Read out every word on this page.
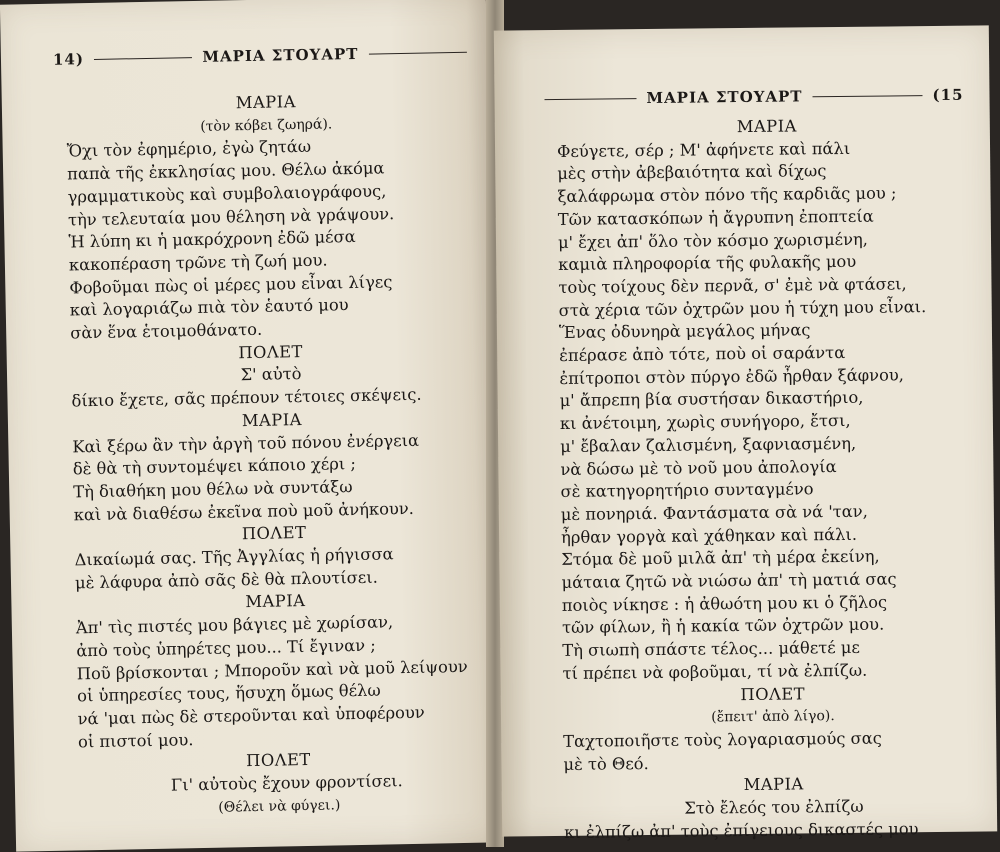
14)	ΜΑΡΙΑ ΣΤΟΥΑΡΤ
ΜΑΡΙΑ
(τὸν κόβει ζωηρά).
Ὄχι τὸν ἐφημέριο, ἐγὼ ζητάω
παπὰ τῆς ἐκκλησίας μου. Θέλω ἀκόμα
γραμματικοὺς καὶ συμβολαιογράφους,
τὴν τελευταία μου θέληση νὰ γράψουν.
Ἡ λύπη κι ἡ μακρόχρονη ἐδῶ μέσα
κακοπέραση τρῶνε τὴ ζωή μου.
Φοβοῦμαι πὼς οἱ μέρες μου εἶναι λίγες
καὶ λογαριάζω πιὰ τὸν ἑαυτό μου
σὰν ἕνα ἑτοιμοθάνατο.
ΠΟΛΕΤ
Σ' αὐτὸ
δίκιο ἔχετε, σᾶς πρέπουν τέτοιες σκέψεις.
ΜΑΡΙΑ
Καὶ ξέρω ἂν τὴν ἀργὴ τοῦ πόνου ἐνέργεια
δὲ θὰ τὴ συντομέψει κάποιο χέρι ;
Τὴ διαθήκη μου θέλω νὰ συντάξω
καὶ νὰ διαθέσω ἐκεῖνα ποὺ μοῦ ἀνήκουν.
ΠΟΛΕΤ
Δικαίωμά σας. Τῆς Ἀγγλίας ἡ ρήγισσα
μὲ λάφυρα ἀπὸ σᾶς δὲ θὰ πλουτίσει.
ΜΑΡΙΑ
Ἀπ' τὶς πιστές μου βάγιες μὲ χωρίσαν,
ἀπὸ τοὺς ὑπηρέτες μου... Τί ἔγιναν ;
Ποῦ βρίσκονται ; Μποροῦν καὶ νὰ μοῦ λείψουν
οἱ ὑπηρεσίες τους, ἥσυχη ὅμως θέλω
νά 'μαι πὼς δὲ στεροῦνται καὶ ὑποφέρουν
οἱ πιστοί μου.
ΠΟΛΕΤ
Γι' αὐτοὺς ἔχουν φροντίσει.
(Θέλει νὰ φύγει.)
ΜΑΡΙΑ ΣΤΟΥΑΡΤ	(15
ΜΑΡΙΑ
Φεύγετε, σέρ ; Μ' ἀφήνετε καὶ πάλι
μὲς στὴν ἀβεβαιότητα καὶ δίχως
ξαλάφρωμα στὸν πόνο τῆς καρδιᾶς μου ;
Τῶν κατασκόπων ἡ ἄγρυπνη ἐποπτεία
μ' ἔχει ἀπ' ὅλο τὸν κόσμο χωρισμένη,
καμιὰ πληροφορία τῆς φυλακῆς μου
τοὺς τοίχους δὲν περνᾶ, σ' ἐμὲ νὰ φτάσει,
στὰ χέρια τῶν ὀχτρῶν μου ἡ τύχη μου εἶναι.
Ἕνας ὀδυνηρὰ μεγάλος μήνας
ἐπέρασε ἀπὸ τότε, ποὺ οἱ σαράντα
ἐπίτροποι στὸν πύργο ἐδῶ ἦρθαν ξάφνου,
μ' ἄπρεπη βία συστήσαν δικαστήριο,
κι ἀνέτοιμη, χωρὶς συνήγορο, ἔτσι,
μ' ἔβαλαν ζαλισμένη, ξαφνιασμένη,
νὰ δώσω μὲ τὸ νοῦ μου ἀπολογία
σὲ κατηγορητήριο συνταγμένο
μὲ πονηριά. Φαντάσματα σὰ νά 'ταν,
ἦρθαν γοργὰ καὶ χάθηκαν καὶ πάλι.
Στόμα δὲ μοῦ μιλᾶ ἀπ' τὴ μέρα ἐκείνη,
μάταια ζητῶ νὰ νιώσω ἀπ' τὴ ματιά σας
ποιὸς νίκησε : ἡ ἀθωότη μου κι ὁ ζῆλος
τῶν φίλων, ἢ ἡ κακία τῶν ὀχτρῶν μου.
Τὴ σιωπὴ σπάστε τέλος... μάθετέ με
τί πρέπει νὰ φοβοῦμαι, τί νὰ ἐλπίζω.
ΠΟΛΕΤ
(ἔπειτ' ἀπὸ λίγο).
Ταχτοποιῆστε τοὺς λογαριασμούς σας
μὲ τὸ Θεό.
ΜΑΡΙΑ
Στὸ ἔλεός του ἐλπίζω
κι ἐλπίζω ἀπ' τοὺς ἐπίγειους δικαστές μου
